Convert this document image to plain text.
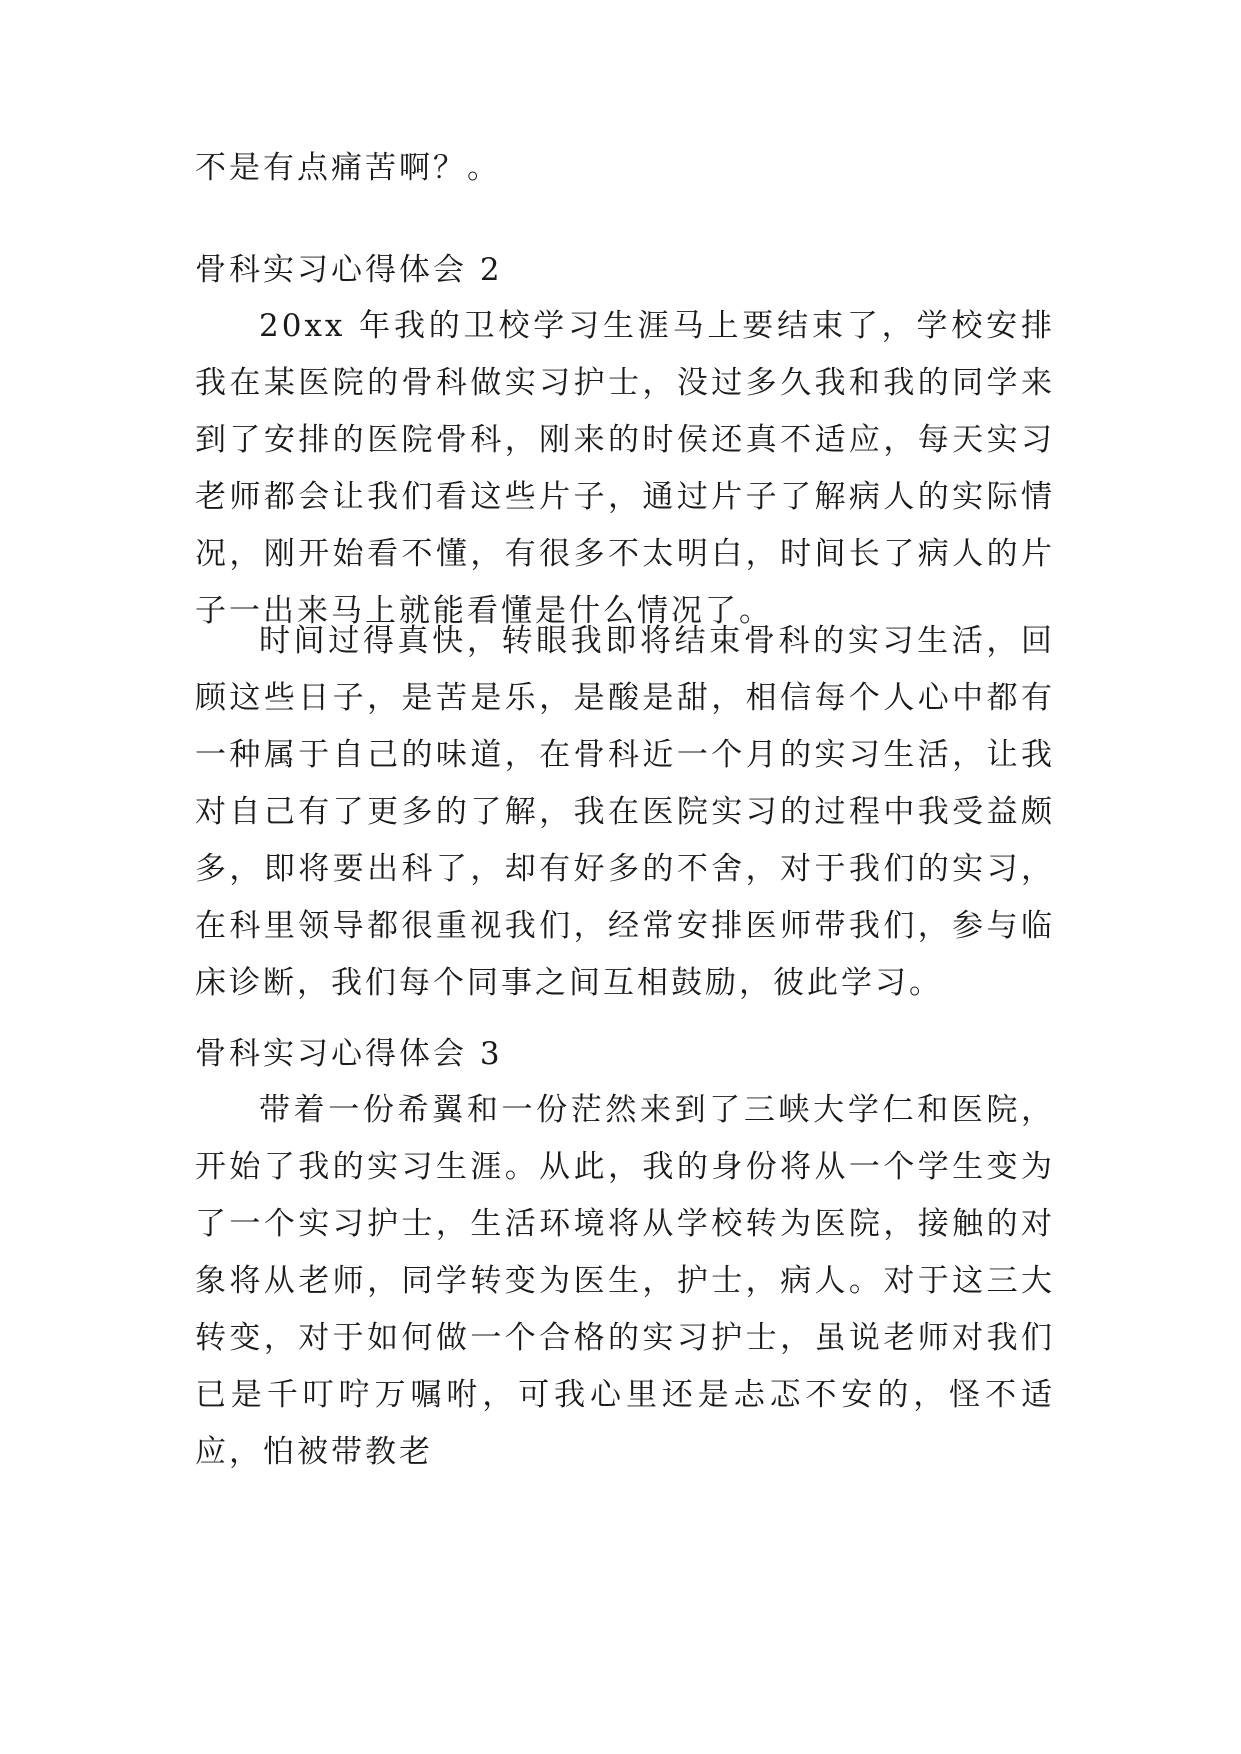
不是有点痛苦啊？。
骨科实习心得体会 2
20xx 年我的卫校学习生涯马上要结束了，学校安排我在某医院的骨科做实习护士，没过多久我和我的同学来到了安排的医院骨科，刚来的时侯还真不适应，每天实习老师都会让我们看这些片子，通过片子了解病人的实际情况，刚开始看不懂，有很多不太明白，时间长了病人的片子一出来马上就能看懂是什么情况了。
时间过得真快，转眼我即将结束骨科的实习生活，回顾这些日子，是苦是乐，是酸是甜，相信每个人心中都有一种属于自己的味道，在骨科近一个月的实习生活，让我对自己有了更多的了解，我在医院实习的过程中我受益颇多，即将要出科了，却有好多的不舍，对于我们的实习，在科里领导都很重视我们，经常安排医师带我们，参与临床诊断，我们每个同事之间互相鼓励，彼此学习。
骨科实习心得体会 3
带着一份希翼和一份茫然来到了三峡大学仁和医院，开始了我的实习生涯。从此，我的身份将从一个学生变为了一个实习护士，生活环境将从学校转为医院，接触的对象将从老师，同学转变为医生，护士，病人。对于这三大转变，对于如何做一个合格的实习护士，虽说老师对我们已是千叮咛万嘱咐，可我心里还是忐忑不安的，怪不适应，怕被带教老
